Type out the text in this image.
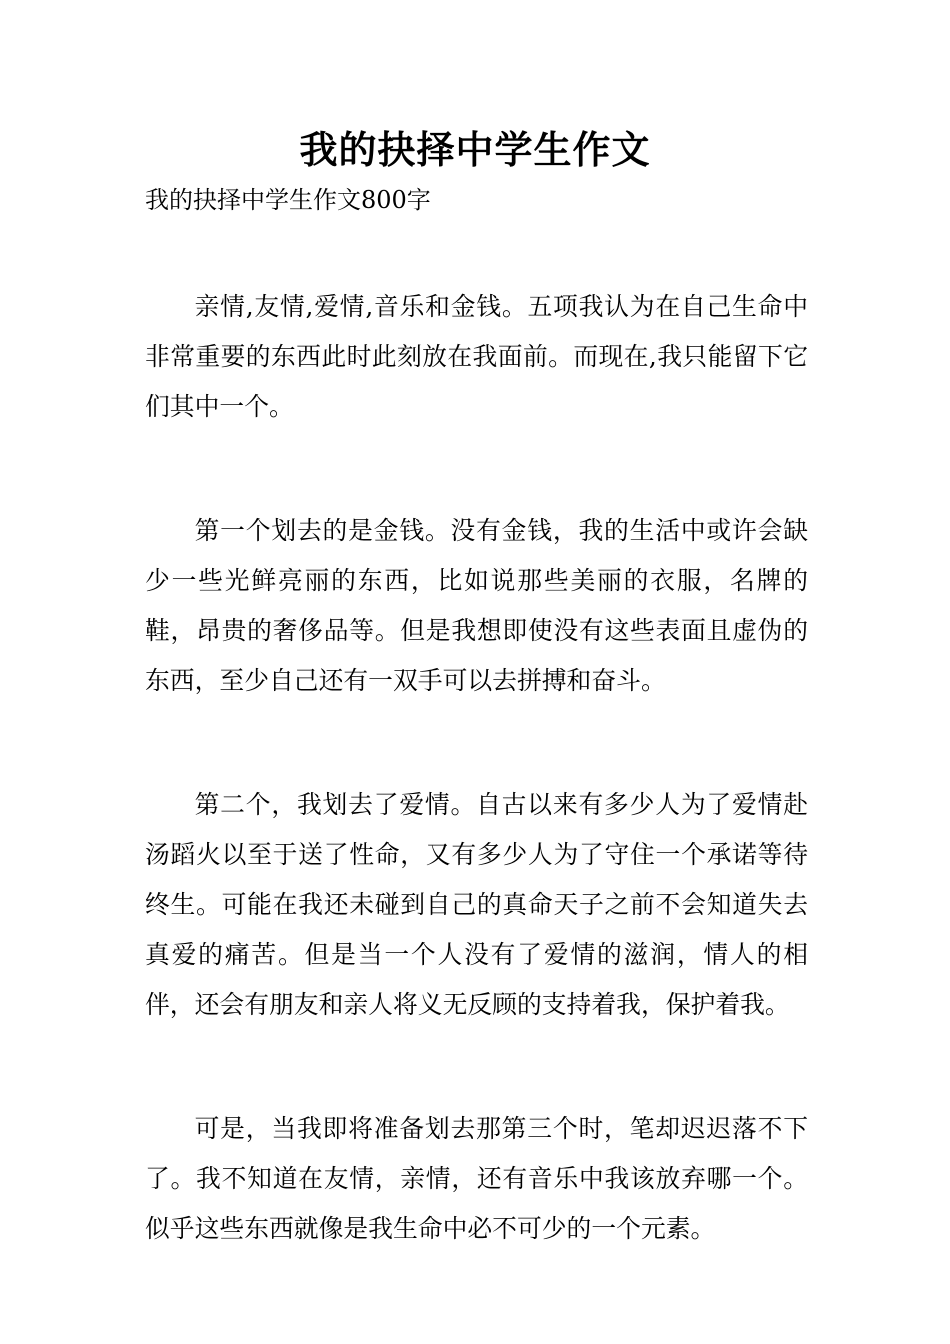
我的抉择中学生作文

我的抉择中学生作文800字

亲情,友情,爱情,音乐和金钱。五项我认为在自己生命中非常重要的东西此时此刻放在我面前。而现在,我只能留下它们其中一个。

第一个划去的是金钱。没有金钱，我的生活中或许会缺少一些光鲜亮丽的东西，比如说那些美丽的衣服，名牌的鞋，昂贵的奢侈品等。但是我想即使没有这些表面且虚伪的东西，至少自己还有一双手可以去拼搏和奋斗。

第二个，我划去了爱情。自古以来有多少人为了爱情赴汤蹈火以至于送了性命，又有多少人为了守住一个承诺等待终生。可能在我还未碰到自己的真命天子之前不会知道失去真爱的痛苦。但是当一个人没有了爱情的滋润，情人的相伴，还会有朋友和亲人将义无反顾的支持着我，保护着我。

可是，当我即将准备划去那第三个时，笔却迟迟落不下了。我不知道在友情，亲情，还有音乐中我该放弃哪一个。似乎这些东西就像是我生命中必不可少的一个元素。
